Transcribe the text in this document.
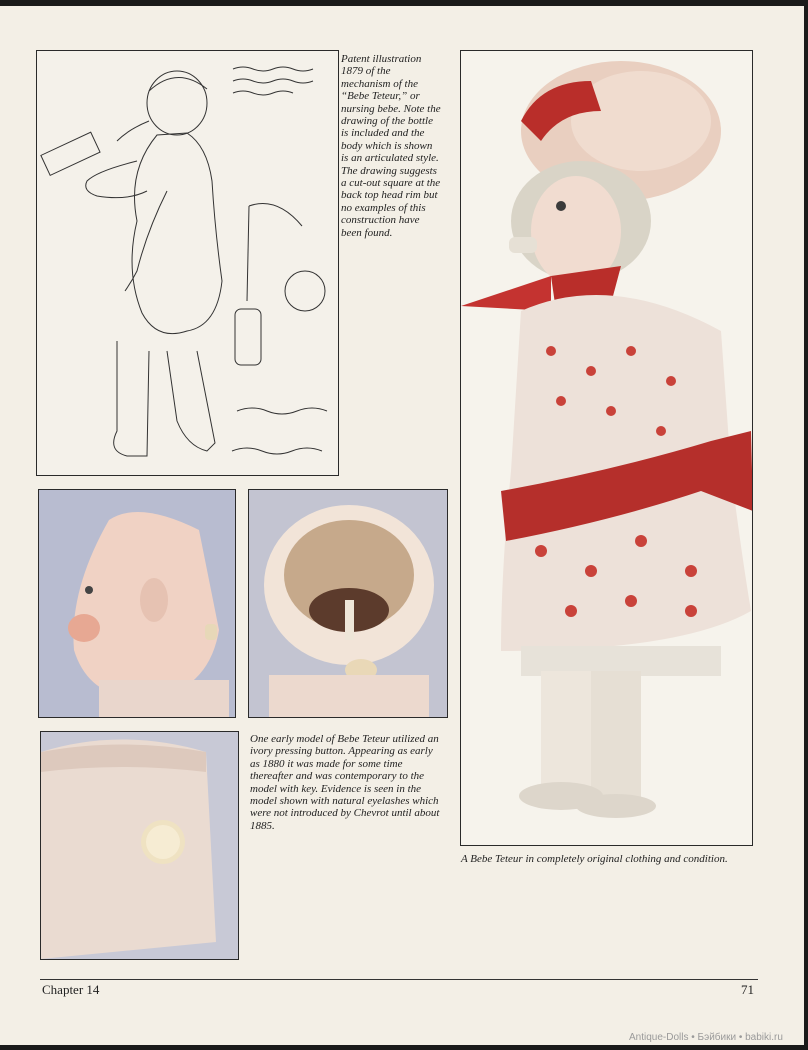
Patent illustration 1879 of the mechanism of the “Bebe Teteur,” or nursing bebe. Note the drawing of the bottle is included and the body which is shown is an articulated style. The drawing suggests a cut-out square at the back top head rim but no examples of this construction have been found.
A Bebe Teteur in completely original clothing and condition.
One early model of Bebe Teteur utilized an ivory pressing button. Appearing as early as 1880 it was made for some time thereafter and was contemporary to the model with key. Evidence is seen in the model shown with natural eyelashes which were not introduced by Chevrot until about 1885.
Chapter 14	71
Antique-Dolls • Бэйбики • babiki.ru
